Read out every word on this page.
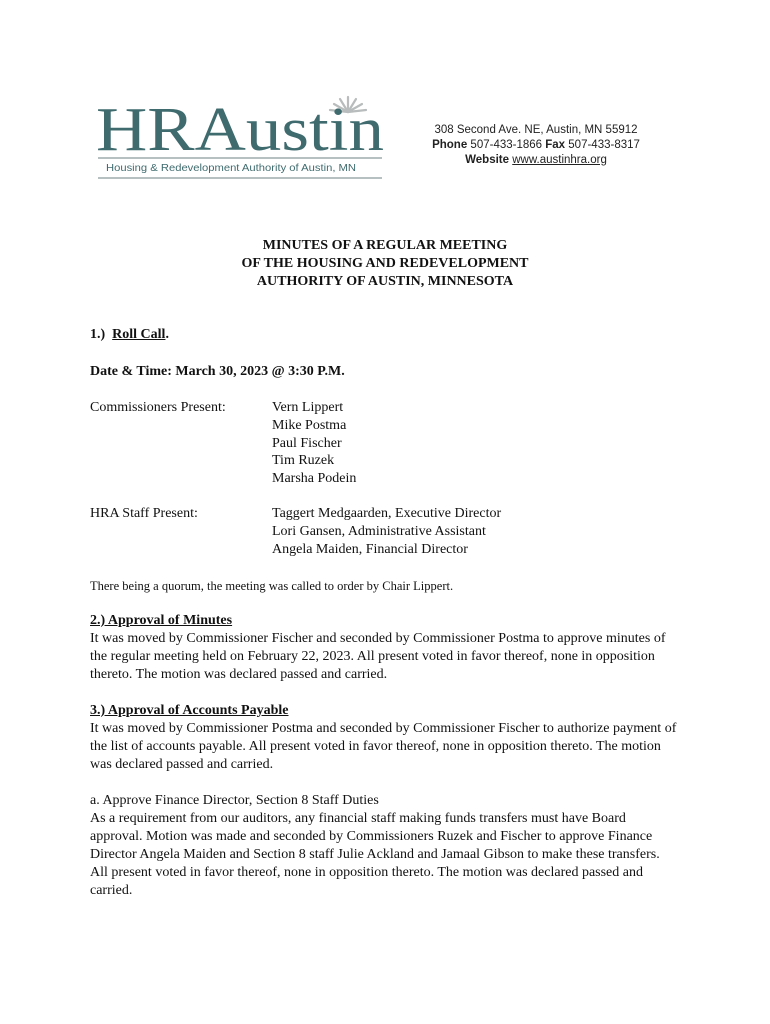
HRAustin
Housing & Redevelopment Authority of Austin, MN
308 Second Ave. NE, Austin, MN 55912
Phone 507-433-1866 Fax 507-433-8317
Website www.austinhra.org
MINUTES OF A REGULAR MEETING
OF THE HOUSING AND REDEVELOPMENT
AUTHORITY OF AUSTIN, MINNESOTA
1.) Roll Call.
Date & Time: March 30, 2023 @ 3:30 P.M.
Commissioners Present:	Vern Lippert
Mike Postma
Paul Fischer
Tim Ruzek
Marsha Podein
HRA Staff Present:	Taggert Medgaarden, Executive Director
Lori Gansen, Administrative Assistant
Angela Maiden, Financial Director
There being a quorum, the meeting was called to order by Chair Lippert.
2.) Approval of Minutes
It was moved by Commissioner Fischer and seconded by Commissioner Postma to approve minutes of the regular meeting held on February 22, 2023. All present voted in favor thereof, none in opposition thereto. The motion was declared passed and carried.
3.) Approval of Accounts Payable
It was moved by Commissioner Postma and seconded by Commissioner Fischer to authorize payment of the list of accounts payable. All present voted in favor thereof, none in opposition thereto. The motion was declared passed and carried.
a. Approve Finance Director, Section 8 Staff Duties
As a requirement from our auditors, any financial staff making funds transfers must have Board approval. Motion was made and seconded by Commissioners Ruzek and Fischer to approve Finance Director Angela Maiden and Section 8 staff Julie Ackland and Jamaal Gibson to make these transfers. All present voted in favor thereof, none in opposition thereto. The motion was declared passed and carried.
